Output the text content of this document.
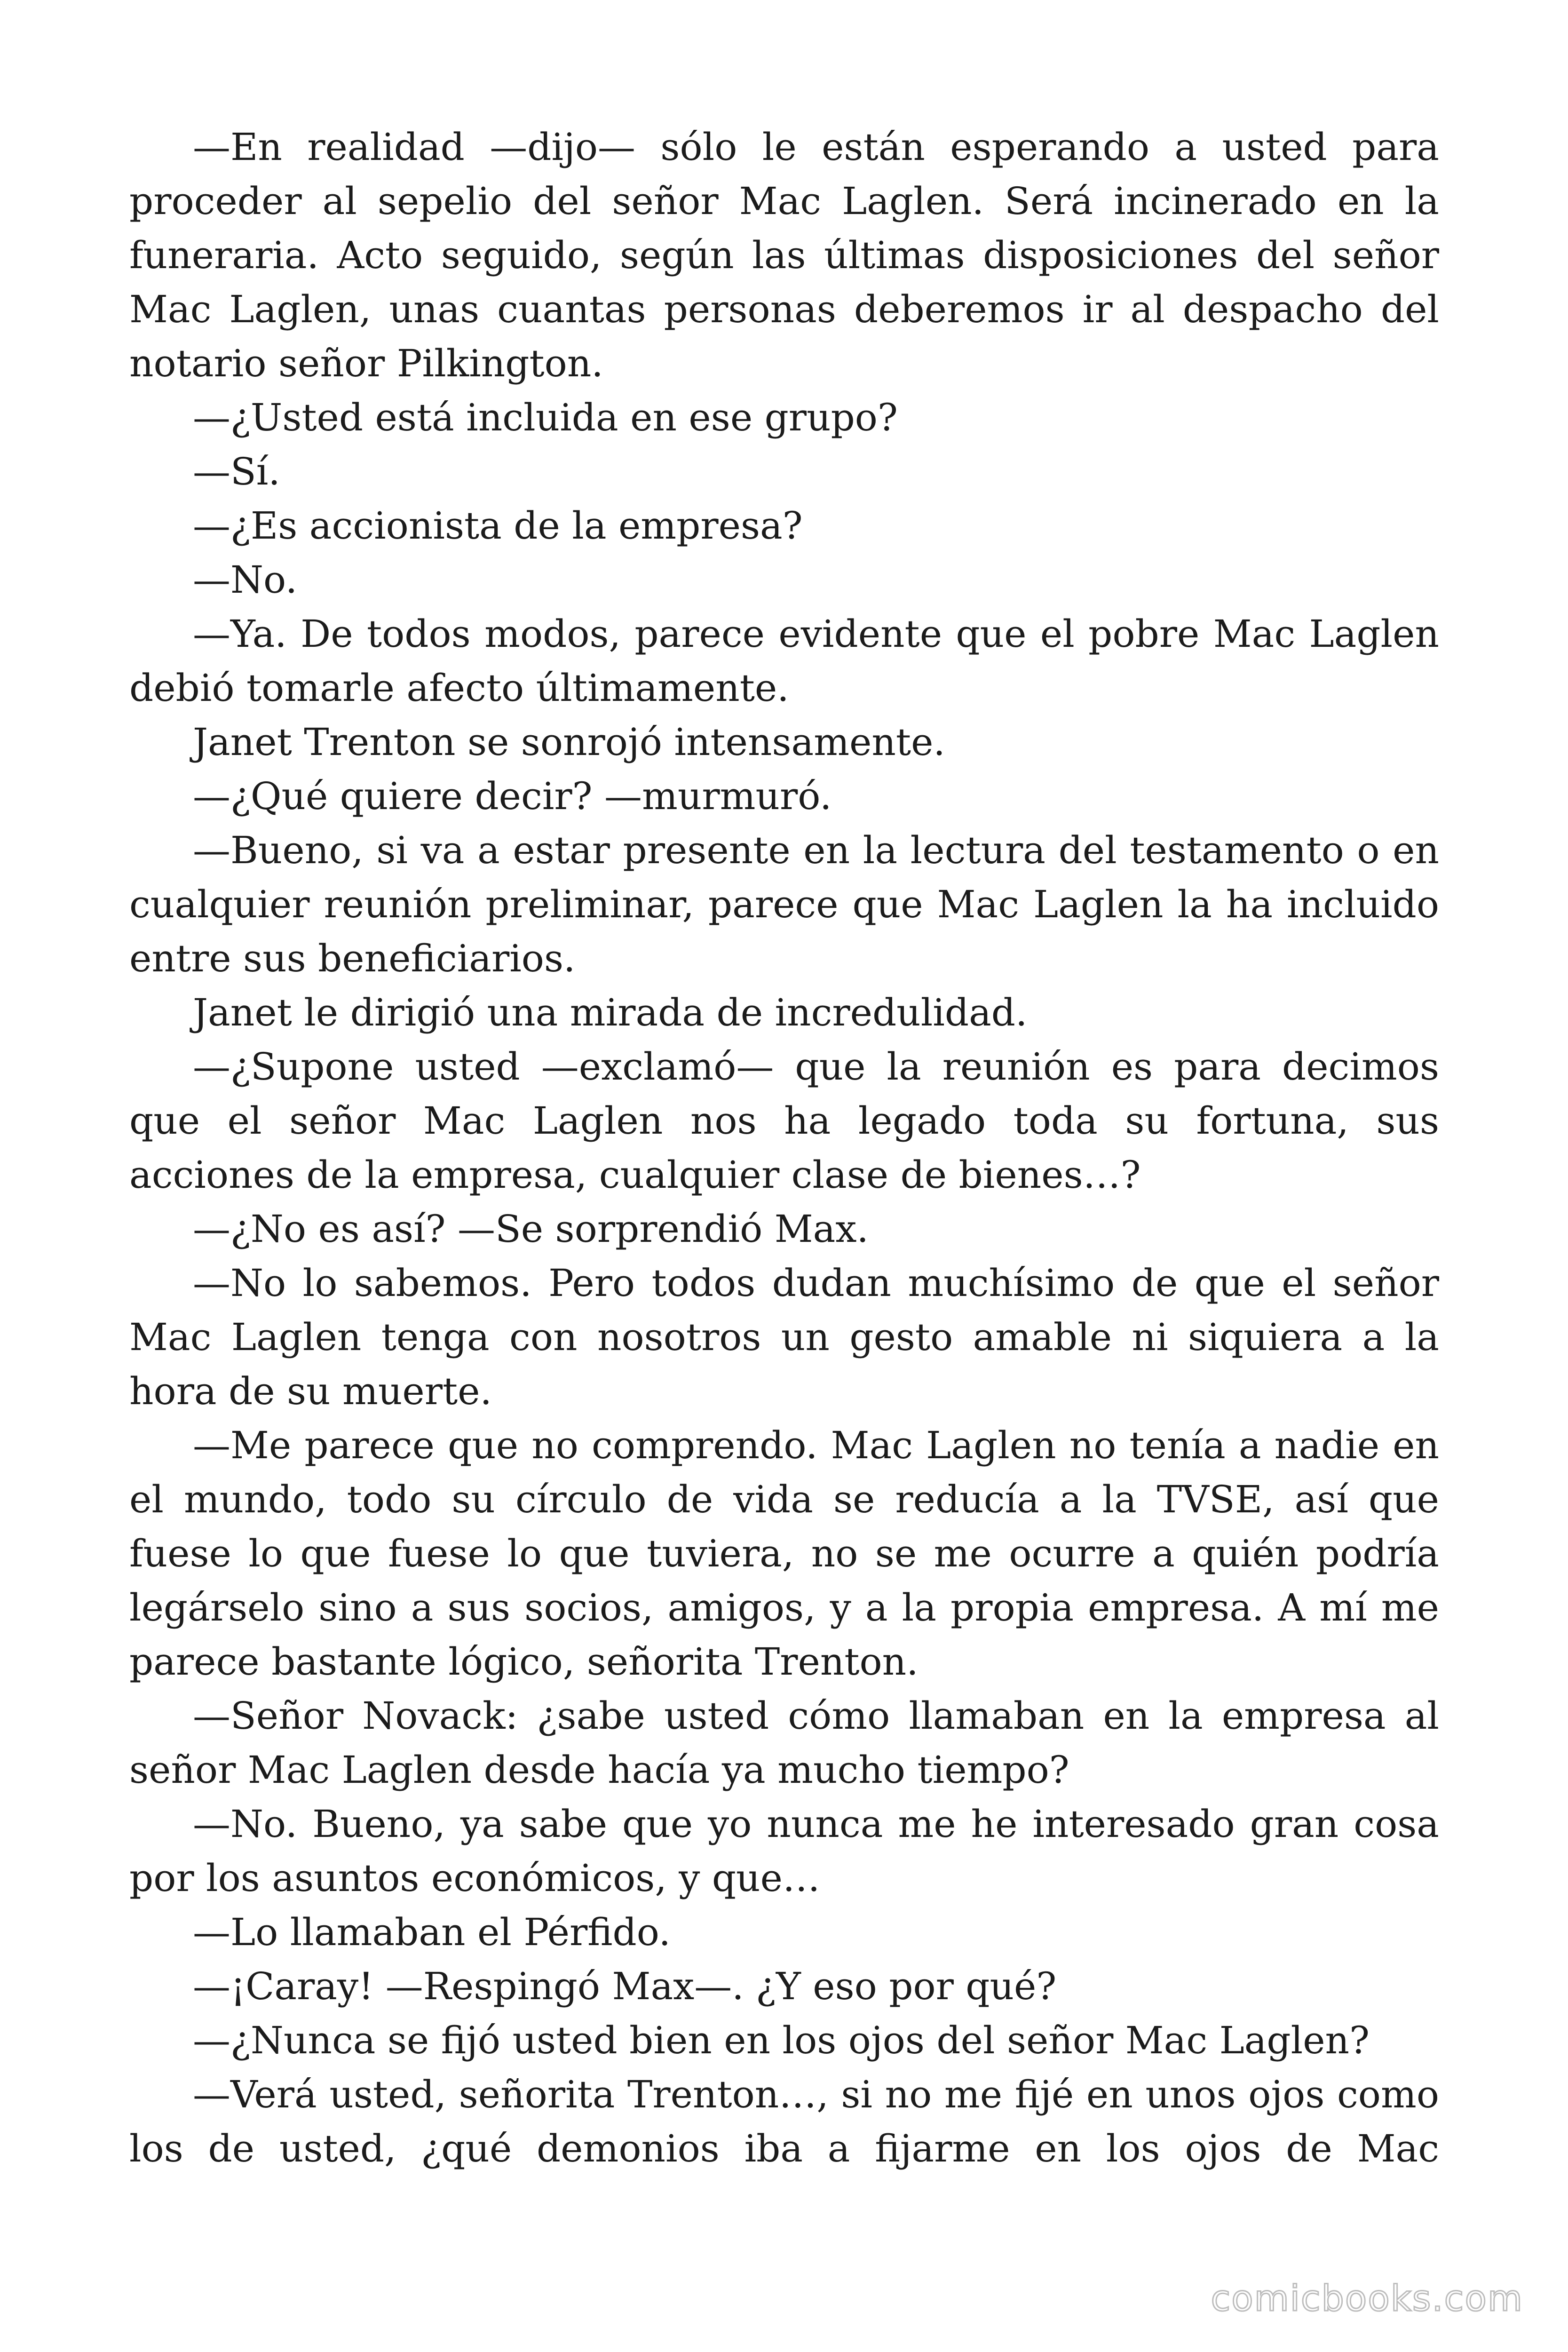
—En realidad —dijo— sólo le están esperando a usted para proceder al sepelio del señor Mac Laglen. Será incinerado en la funeraria. Acto seguido, según las últimas disposiciones del señor Mac Laglen, unas cuantas personas deberemos ir al despacho del notario señor Pilkington.

—¿Usted está incluida en ese grupo?

—Sí.

—¿Es accionista de la empresa?

—No.

—Ya. De todos modos, parece evidente que el pobre Mac Laglen debió tomarle afecto últimamente.

Janet Trenton se sonrojó intensamente.

—¿Qué quiere decir? —murmuró.

—Bueno, si va a estar presente en la lectura del testamento o en cualquier reunión preliminar, parece que Mac Laglen la ha incluido entre sus beneficiarios.

Janet le dirigió una mirada de incredulidad.

—¿Supone usted —exclamó— que la reunión es para decimos que el señor Mac Laglen nos ha legado toda su fortuna, sus acciones de la empresa, cualquier clase de bienes…?

—¿No es así? —Se sorprendió Max.

—No lo sabemos. Pero todos dudan muchísimo de que el señor Mac Laglen tenga con nosotros un gesto amable ni siquiera a la hora de su muerte.

—Me parece que no comprendo. Mac Laglen no tenía a nadie en el mundo, todo su círculo de vida se reducía a la TVSE, así que fuese lo que fuese lo que tuviera, no se me ocurre a quién podría legárselo sino a sus socios, amigos, y a la propia empresa. A mí me parece bastante lógico, señorita Trenton.

—Señor Novack: ¿sabe usted cómo llamaban en la empresa al señor Mac Laglen desde hacía ya mucho tiempo?

—No. Bueno, ya sabe que yo nunca me he interesado gran cosa por los asuntos económicos, y que…

—Lo llamaban el Pérfido.

—¡Caray! —Respingó Max—. ¿Y eso por qué?

—¿Nunca se fijó usted bien en los ojos del señor Mac Laglen?

—Verá usted, señorita Trenton…, si no me fijé en unos ojos como los de usted, ¿qué demonios iba a fijarme en los ojos de Mac

comicbooks.com
